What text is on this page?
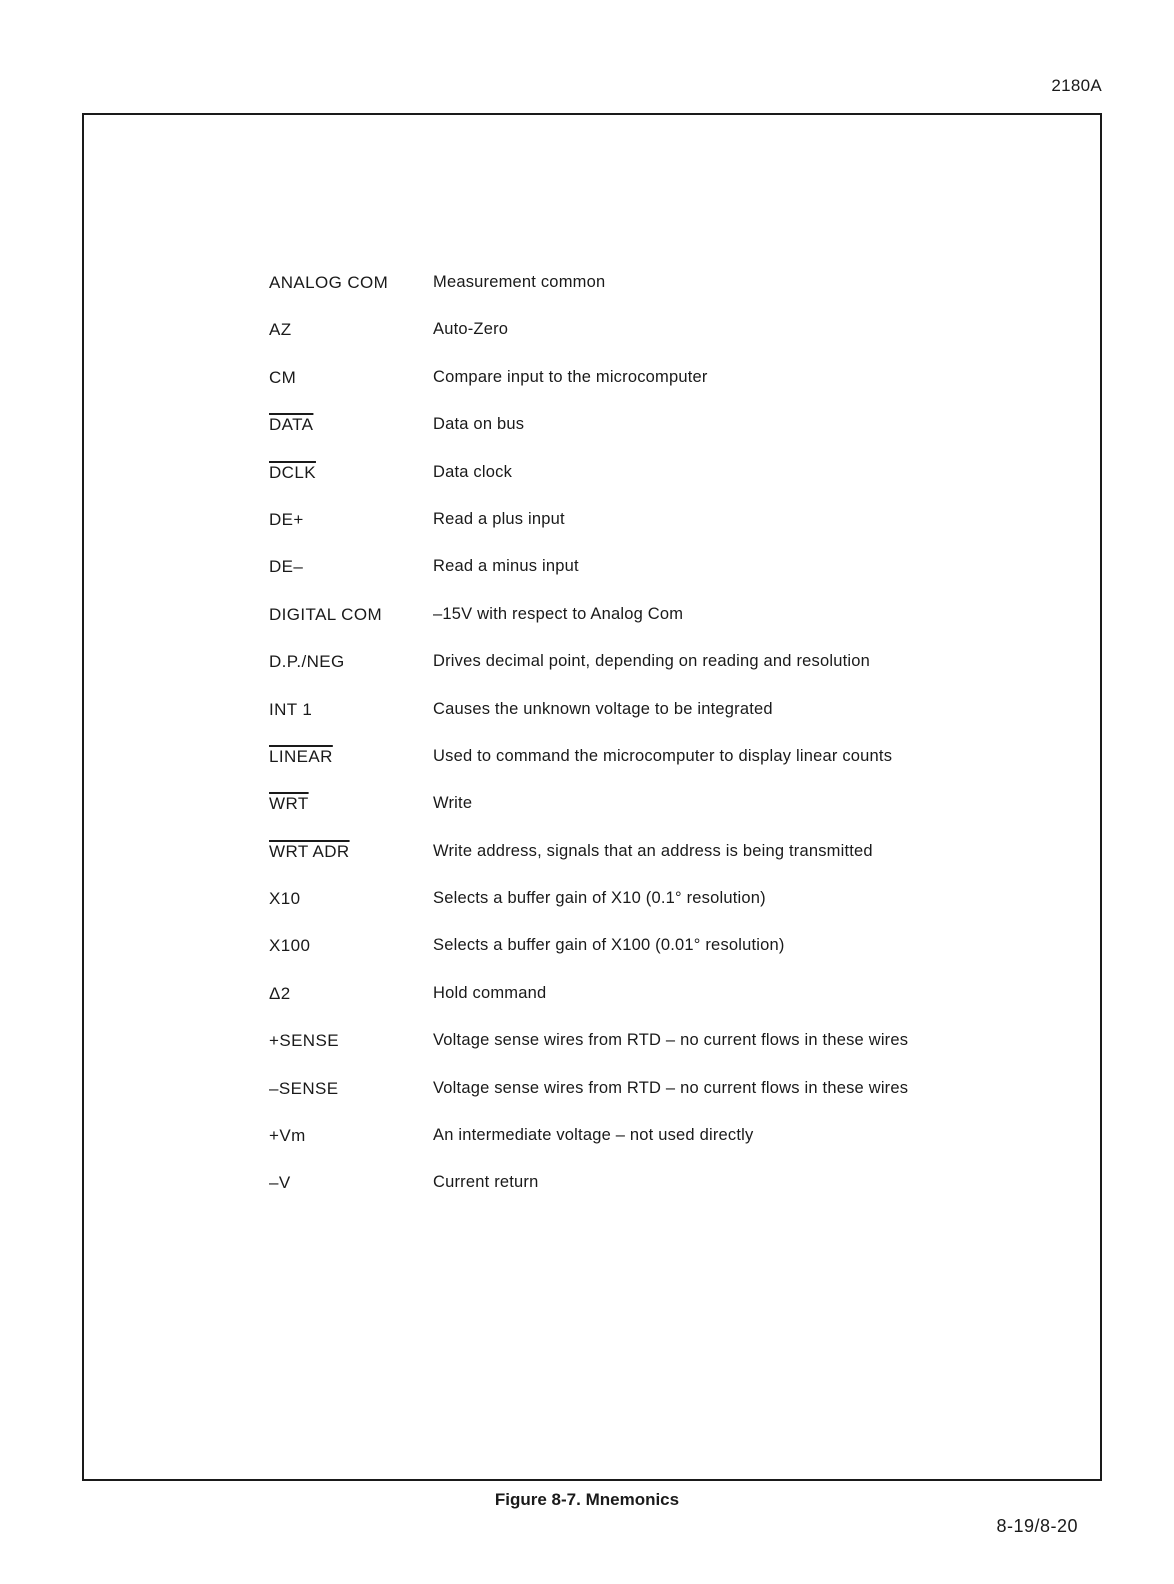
2180A
ANALOG COM	Measurement common
AZ	Auto-Zero
CM	Compare input to the microcomputer
DATA	Data on bus
DCLK	Data clock
DE+	Read a plus input
DE–	Read a minus input
DIGITAL COM	–15V with respect to Analog Com
D.P./NEG	Drives decimal point, depending on reading and resolution
INT 1	Causes the unknown voltage to be integrated
LINEAR	Used to command the microcomputer to display linear counts
$\overline{WRT}$	Write
WRT ADR	Write address, signals that an address is being transmitted
X10	Selects a buffer gain of X10 (0.1° resolution)
X100	Selects a buffer gain of X100 (0.01° resolution)
Δ2	Hold command
+SENSE	Voltage sense wires from RTD – no current flows in these wires
–SENSE	Voltage sense wires from RTD – no current flows in these wires
+Vm	An intermediate voltage – not used directly
–V	Current return
Figure 8-7. Mnemonics
8-19/8-20
